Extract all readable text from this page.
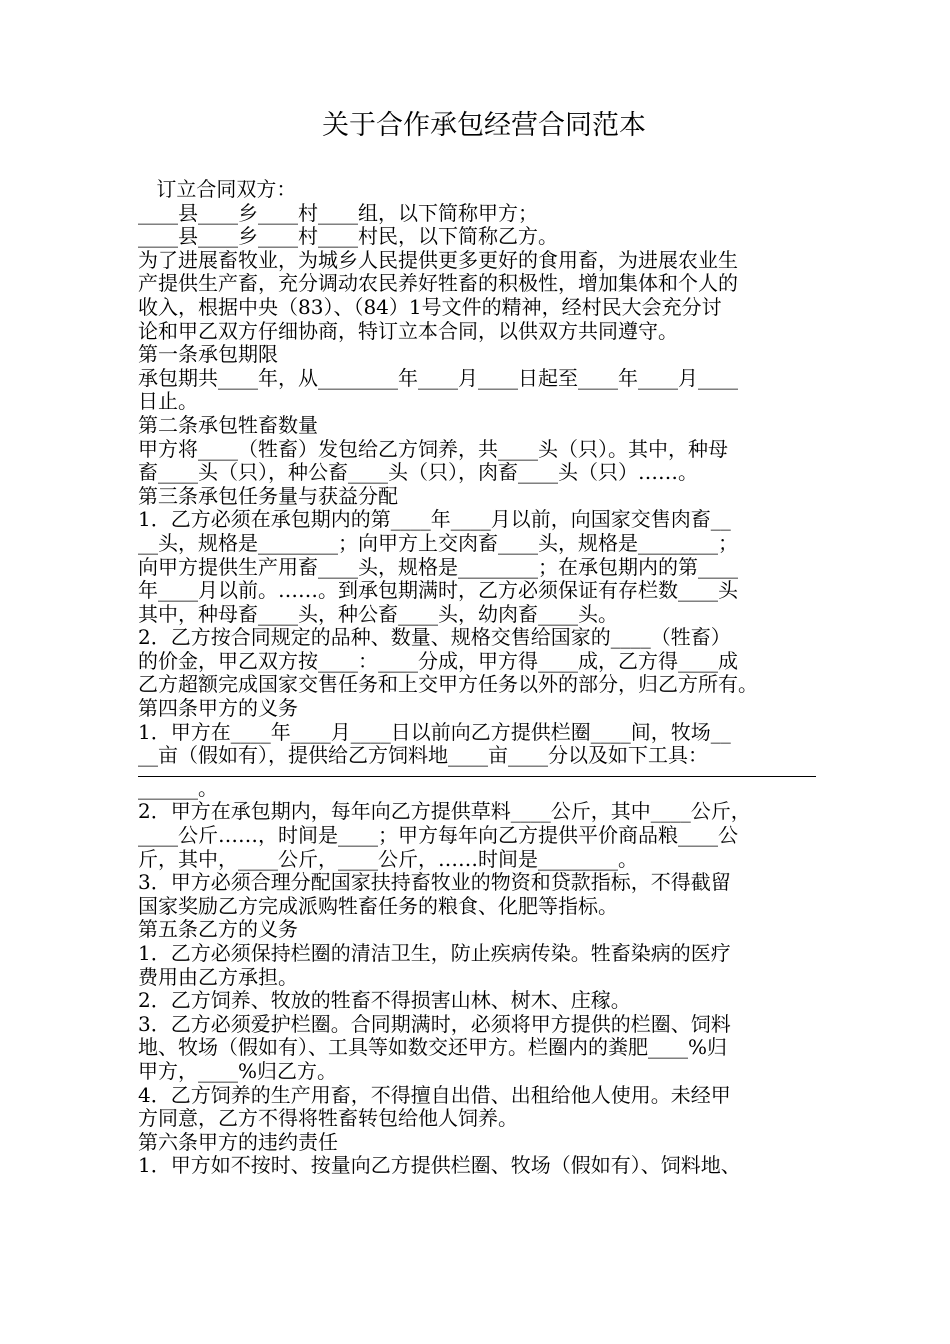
关于合作承包经营合同范本

订立合同双方：

____县____乡____村____组，以下简称甲方；

____县____乡____村____村民，以下简称乙方。

为了进展畜牧业，为城乡人民提供更多更好的食用畜，为进展农业生

产提供生产畜，充分调动农民养好牲畜的积极性，增加集体和个人的

收入，根据中央（83）、（84）1号文件的精神，经村民大会充分讨

论和甲乙双方仔细协商，特订立本合同，以供双方共同遵守。

第一条承包期限

承包期共____年，从________年____月____日起至____年____月____

日止。

第二条承包牲畜数量

甲方将____（牲畜）发包给乙方饲养，共____头（只）。其中，种母

畜____头（只），种公畜____头（只），肉畜____头（只）……。

第三条承包任务量与获益分配

1．乙方必须在承包期内的第____年____月以前，向国家交售肉畜__

__头，规格是________；向甲方上交肉畜____头，规格是________；

向甲方提供生产用畜____头，规格是________；在承包期内的第____

年____月以前。……。到承包期满时，乙方必须保证有存栏数____头

其中，种母畜____头，种公畜____头，幼肉畜____头。

2．乙方按合同规定的品种、数量、规格交售给国家的____（牲畜）

的价金，甲乙双方按____：____分成，甲方得____成，乙方得____成

乙方超额完成国家交售任务和上交甲方任务以外的部分，归乙方所有。

第四条甲方的义务

1．甲方在____年____月____日以前向乙方提供栏圈____间，牧场__

__亩（假如有），提供给乙方饲料地____亩____分以及如下工具：

______。

2．甲方在承包期内，每年向乙方提供草料____公斤，其中____公斤，

____公斤……，时间是____；甲方每年向乙方提供平价商品粮____公

斤，其中，____公斤，____公斤，……时间是________。

3．甲方必须合理分配国家扶持畜牧业的物资和贷款指标，不得截留

国家奖励乙方完成派购牲畜任务的粮食、化肥等指标。

第五条乙方的义务

1．乙方必须保持栏圈的清洁卫生，防止疾病传染。牲畜染病的医疗

费用由乙方承担。

2．乙方饲养、牧放的牲畜不得损害山林、树木、庄稼。

3．乙方必须爱护栏圈。合同期满时，必须将甲方提供的栏圈、饲料

地、牧场（假如有）、工具等如数交还甲方。栏圈内的粪肥____%归

甲方，____%归乙方。

4．乙方饲养的生产用畜，不得擅自出借、出租给他人使用。未经甲

方同意，乙方不得将牲畜转包给他人饲养。

第六条甲方的违约责任

1．甲方如不按时、按量向乙方提供栏圈、牧场（假如有）、饲料地、
